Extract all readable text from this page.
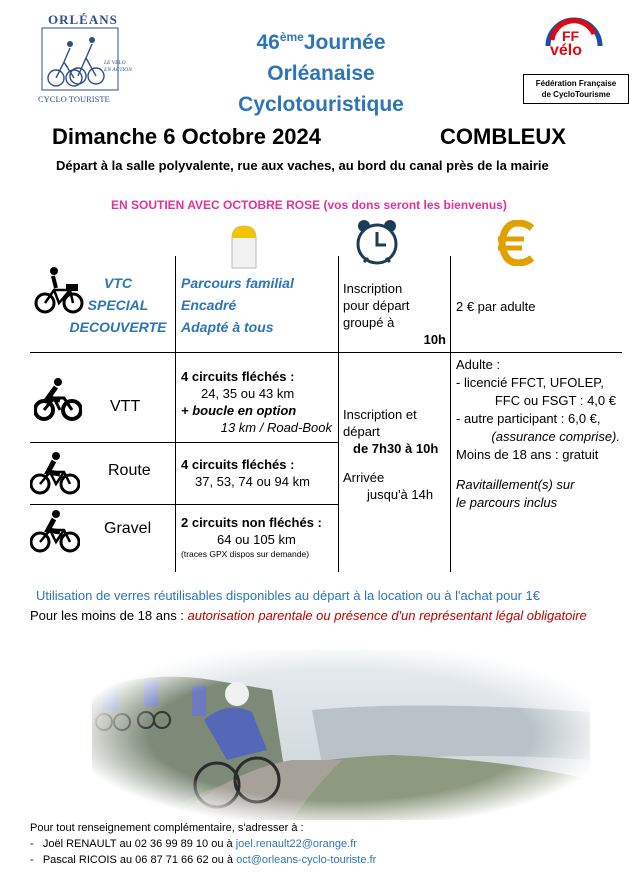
ORLÉANS
LE VELO EN ACTION
CYCLO TOURISTE
46èmeJournée
Orléanaise
Cyclotouristique
FF
vélo
Fédération Française
de CycloTourisme
Dimanche 6 Octobre 2024	COMBLEUX
Départ à la salle polyvalente, rue aux vaches, au bord du canal près de la mairie
EN SOUTIEN AVEC OCTOBRE ROSE (vos dons seront les bienvenus)
VTC
SPECIAL
DECOUVERTE
Parcours familial
Encadré
Adapté à tous
Inscription
pour départ
groupé à
10h
2 € par adulte
VTT
4 circuits fléchés :
24, 35 ou 43 km
+ boucle en option
13 km / Road-Book
Route 4 circuits fléchés :
37, 53, 74 ou 94 km
Gravel 2 circuits non fléchés :
64 ou 105 km
(traces GPX dispos sur demande)
Inscription et
départ
de 7h30 à 10h
Arrivée
jusqu'à 14h
Adulte :
- licencié FFCT, UFOLEP,
FFC ou FSGT : 4,0 €
- autre participant : 6,0 €,
(assurance comprise).
Moins de 18 ans : gratuit
Ravitaillement(s) sur
le parcours inclus
Utilisation de verres réutilisables disponibles au départ à la location ou à l'achat pour 1€
Pour les moins de 18 ans : autorisation parentale ou présence d'un représentant légal obligatoire
Pour tout renseignement complémentaire, s'adresser à :
-   Joël RENAULT au 02 36 99 89 10 ou à joel.renault22@orange.fr
-   Pascal RICOIS au 06 87 71 66 62 ou à oct@orleans-cyclo-touriste.fr
